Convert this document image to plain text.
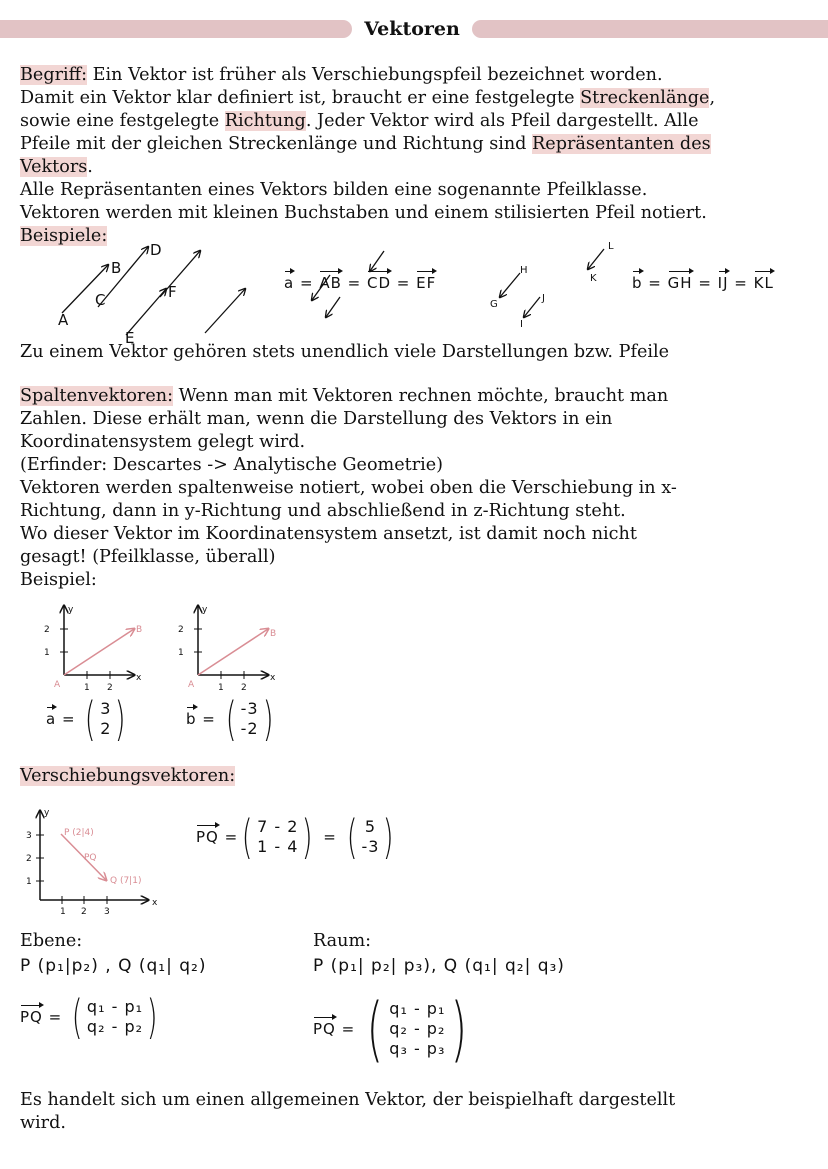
Vektoren
Begriff: Ein Vektor ist früher als Verschiebungspfeil bezeichnet worden.
Damit ein Vektor klar definiert ist, braucht er eine festgelegte Streckenlänge,
sowie eine festgelegte Richtung. Jeder Vektor wird als Pfeil dargestellt. Alle
Pfeile mit der gleichen Streckenlänge und Richtung sind Repräsentanten des
Vektors.
Alle Repräsentanten eines Vektors bilden eine sogenannte Pfeilklasse.
Vektoren werden mit kleinen Buchstaben und einem stilisierten Pfeil notiert.
Beispiele:
A
B
C
D
E
F
G
H
I
J
K
L
a = AB = CD = EF	b = GH = IJ = KL
Zu einem Vektor gehören stets unendlich viele Darstellungen bzw. Pfeile
Spaltenvektoren: Wenn man mit Vektoren rechnen möchte, braucht man
Zahlen. Diese erhält man, wenn die Darstellung des Vektors in ein
Koordinatensystem gelegt wird.
(Erfinder: Descartes -> Analytische Geometrie)
Vektoren werden spaltenweise notiert, wobei oben die Verschiebung in x-
Richtung, dann in y-Richtung und abschließend in z-Richtung steht.
Wo dieser Vektor im Koordinatensystem ansetzt, ist damit noch nicht
gesagt! (Pfeilklasse, überall)
Beispiel:
y
x
1
2
1 2
y
x
1
2
1 2
A
B
A
B
a = ( 3
2 )	b = ( -3
-2 )
Verschiebungsvektoren:
y
x
3
2
1
1 2 3
P (2|4)
PQ
Q (7|1)
PQ = ( 7 - 2
1 - 4 ) = ( 5
-3 )
Ebene:	Raum:
P (p₁|p₂) , Q (q₁| q₂)	P (p₁| p₂| p₃), Q (q₁| q₂| q₃)
PQ = ( q₁ - p₁
q₂ - p₂ )	PQ = ( q₁ - p₁
q₂ - p₂
q₃ - p₃ )
Es handelt sich um einen allgemeinen Vektor, der beispielhaft dargestellt
wird.
